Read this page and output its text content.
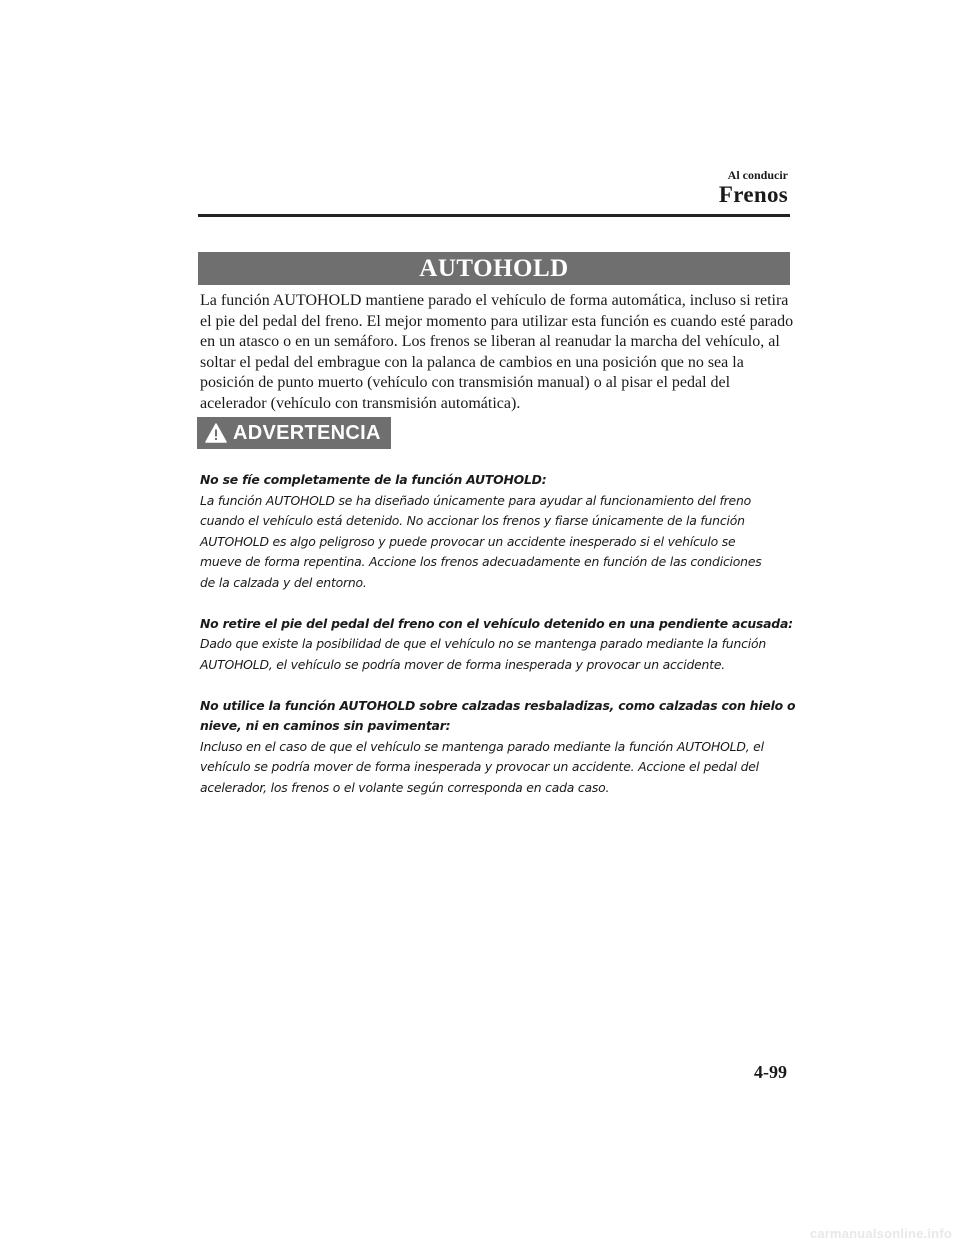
Al conducir
Frenos
AUTOHOLD

La función AUTOHOLD mantiene parado el vehículo de forma automática, incluso si retira
el pie del pedal del freno. El mejor momento para utilizar esta función es cuando esté parado
en un atasco o en un semáforo. Los frenos se liberan al reanudar la marcha del vehículo, al
soltar el pedal del embrague con la palanca de cambios en una posición que no sea la
posición de punto muerto (vehículo con transmisión manual) o al pisar el pedal del
acelerador (vehículo con transmisión automática).

ADVERTENCIA
No se fíe completamente de la función AUTOHOLD:
La función AUTOHOLD se ha diseñado únicamente para ayudar al funcionamiento del freno
cuando el vehículo está detenido. No accionar los frenos y fiarse únicamente de la función
AUTOHOLD es algo peligroso y puede provocar un accidente inesperado si el vehículo se
mueve de forma repentina. Accione los frenos adecuadamente en función de las condiciones
de la calzada y del entorno.
No retire el pie del pedal del freno con el vehículo detenido en una pendiente acusada:
Dado que existe la posibilidad de que el vehículo no se mantenga parado mediante la función
AUTOHOLD, el vehículo se podría mover de forma inesperada y provocar un accidente.
No utilice la función AUTOHOLD sobre calzadas resbaladizas, como calzadas con hielo o
nieve, ni en caminos sin pavimentar:
Incluso en el caso de que el vehículo se mantenga parado mediante la función AUTOHOLD, el
vehículo se podría mover de forma inesperada y provocar un accidente. Accione el pedal del
acelerador, los frenos o el volante según corresponda en cada caso.
4-99
carmanualsonline.info
